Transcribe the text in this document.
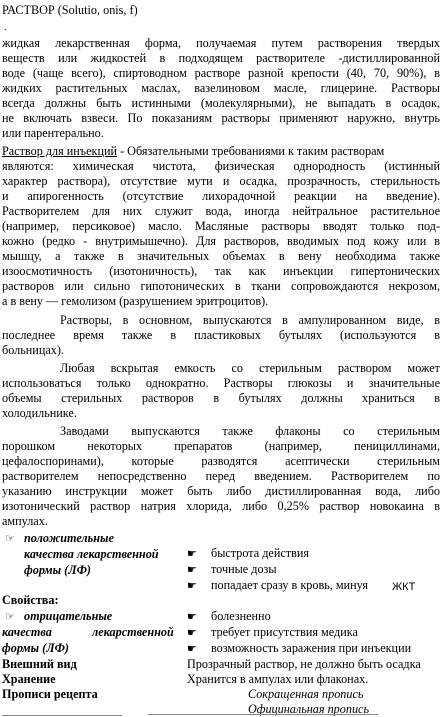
РАСТВОР (Solutio, onis, f)
.
жидкая лекарственная форма, получаемая путем растворения твердых
веществ или жидкостей в подходящем растворителе -дистиллированной
воде (чаще всего), спиртоводном растворе разной крепости (40, 70, 90%), в
жидких растительных маслах, вазелиновом масле, глицерине. Растворы
всегда должны быть истинными (молекулярными), не выпадать в осадок,
не включать взвеси. По показаниям растворы применяют наружно, внутрь
или парентерально.
Раствор для инъекций - Обязательными требованиями к таким растворам
являются: химическая чистота, физическая однородность (истинный
характер раствора), отсутствие мути и осадка, прозрачность, стерильность
и апирогенность (отсутствие лихорадочной реакции на введение).
Растворителем для них служит вода, иногда нейтральное растительное
(например, персиковое) масло. Масляные растворы вводят только под-
кожно (редко - внутримышечно). Для растворов, вводимых под кожу или в
мышцу, а также в значительных объемах в вену необходима также
изоосмотичность (изотоничность), так как инъекции гипертонических
растворов или сильно гипотонических в ткани сопровождаются некрозом,
а в вену — гемолизом (разрушением эритроцитов).
Растворы, в основном, выпускаются в ампулированном виде, в
последнее время также в пластиковых бутылях (используются в
больницах).
Любая вскрытая емкость со стерильным раствором может
использоваться только однократно. Растворы глюкозы и значительные
объемы стерильных растворов в бутылях должны храниться в
холодильнике.
Заводами выпускаются также флаконы со стерильным
порошком некоторых препаратов (например, пенициллинами,
цефалоспоринами), которые разводятся асептически стерильным
растворителем непосредственно перед введением. Растворителем по
указанию инструкции может быть либо дистиллированная вода, либо
изотонический раствор натрия хлорида, либо 0,25% раствор новокаина в
ампулах.
☞ положительные
качества лекарственной
формы (ЛФ)
☛ быстрота действия
☛ точные дозы
☛ попадает сразу в кровь, минуя ЖКТ
Свойства:
☞ отрицательные
качества	лекарственной
формы (ЛФ)
☛ болезненно
☛ требует присутствия медика
☛ возможность заражения при инъекции
Внешний вид	Прозрачный раствор, не должно быть осадка
Хранение	Хранится в ампулах или флаконах.
Прописи рецепта	Сокращенная пропись
Официнальная пропись
